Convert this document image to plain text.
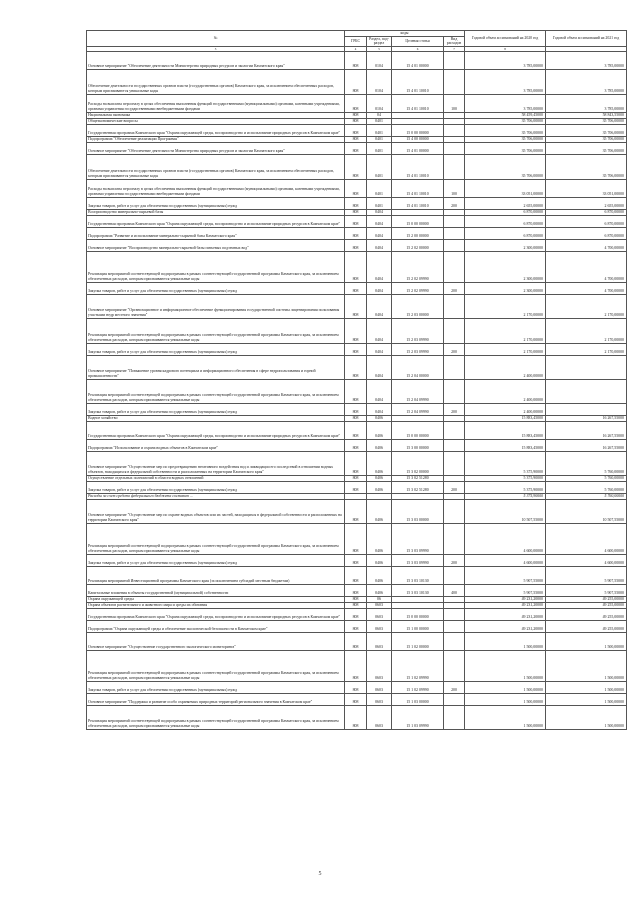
№	коды				Годовой объем ассигнований на 2020 год	Годовой объем ассигнований на 2021 год
	ГРБС	Раздел, под- раздел	Целевая статья	Вид расходов		
3	4	5	6	7	8	
Основное мероприятие "Обеспечение деятельности Министерства природных ресурсов и экологии Камчатского края"	808	0104	15 4 01 00000		3 785,00000	3 785,00000
Обеспечение деятельности государственных органов власти (государственных органов) Камчатского края, за исключением обеспеченных расходов, которым присваиваются уникальные коды	808	0104	15 4 01 10010		3 785,00000	3 785,00000
Расходы на выплаты персоналу в целях обеспечения выполнения функций государственными (муниципальными) органами, казенными учреждениями, органами управления государственными внебюджетными фондами	808	0104	15 4 01 10010	100	3 785,00000	3 785,00000
Национальная экономика	808	04			58 459,45000	58 843,55000
Общеэкономические вопросы	808	0401			35 706,00000	35 706,00000
Государственная программа Камчатского края "Охрана окружающей среды, воспроизводство и использование природных ресурсов в Камчатском крае"	808	0401	15 0 00 00000		35 706,00000	35 706,00000
Подпрограмма "Обеспечение реализации Программы"	808	0401	15 4 00 00000		35 706,00000	35 706,00000
Основное мероприятие "Обеспечение деятельности Министерства природных ресурсов и экологии Камчатского края"	808	0401	15 4 01 00000		35 706,00000	35 706,00000
Обеспечение деятельности государственных органов власти (государственных органов) Камчатского края, за исключением обеспеченных расходов, которым присваиваются уникальные коды	808	0401	15 4 01 10010		35 706,00000	35 706,00000
Расходы на выплаты персоналу в целях обеспечения выполнения функций государственными (муниципальными) органами, казенными учреждениями, органами управления государственными внебюджетными фондами	808	0401	15 4 01 10010	100	33 051,00000	33 051,00000
Закупка товаров, работ и услуг для обеспечения государственных (муниципальных) нужд	808	0401	15 4 01 10010	200	2 655,00000	2 655,00000
Воспроизводство минерально-сырьевой базы	808	0404			6 870,00000	6 870,00000
Государственная программа Камчатского края "Охрана окружающей среды, воспроизводство и использование природных ресурсов в Камчатском крае"	808	0404	15 0 00 00000		6 870,00000	6 870,00000
Подпрограмма "Развитие и использование минерально-сырьевой базы Камчатского края"	808	0404	15 2 00 00000		6 870,00000	6 870,00000
Основное мероприятие "Воспроизводство минерально-сырьевой базы питьевых подземных вод"	808	0404	15 2 02 00000		2 300,00000	4 700,00000
Реализация мероприятий соответствующей подпрограммы в рамках соответствующей государственной программы Камчатского края, за исключением обеспеченных расходов, которым присваиваются уникальные коды	808	0404	15 2 02 09990		2 300,00000	4 700,00000
Закупка товаров, работ и услуг для обеспечения государственных (муниципальных) нужд	808	0404	15 2 02 09990	200	2 300,00000	4 700,00000
Основное мероприятие "Организационное и информационное обеспечение функционирования государственной системы лицензирования пользования участками недр местного значения"	808	0404	15 2 03 00000		2 170,00000	2 170,00000
Реализация мероприятий соответствующей подпрограммы в рамках соответствующей государственной программы Камчатского края, за исключением обеспеченных расходов, которым присваиваются уникальные коды	808	0404	15 2 03 09990		2 170,00000	2 170,00000
Закупка товаров, работ и услуг для обеспечения государственных (муниципальных) нужд	808	0404	15 2 03 09990	200	2 170,00000	2 170,00000
Основное мероприятие "Повышение уровня кадрового потенциала и информационного обеспечения в сфере недропользования и горной промышленности"	808	0404	15 2 04 00000		2 400,00000	
Реализация мероприятий соответствующей подпрограммы в рамках соответствующей государственной программы Камчатского края, за исключением обеспеченных расходов, которым присваиваются уникальные коды	808	0404	15 2 04 09990		2 400,00000	
Закупка товаров, работ и услуг для обеспечения государственных (муниципальных) нужд	808	0404	15 2 04 09990	200	2 400,00000	
Водное хозяйство	808	0406			15 883,45000	16 267,55000
Государственная программа Камчатского края "Охрана окружающей среды, воспроизводство и использование природных ресурсов в Камчатском крае"	808	0406	15 0 00 00000		15 883,45000	16 267,55000
Подпрограмма "Использование и охрана водных объектов в Камчатском крае"	808	0406	15 3 00 00000		15 883,45000	16 267,55000
Основное мероприятие "Осуществление мер по предотвращению негативного воздействия вод и ликвидации его последствий в отношении водных объектов, находящихся в федеральной собственности и расположенных на территории Камчатского края"	808	0406	15 3 02 00000		5 375,90000	5 760,00000
Осуществление отдельных полномочий в области водных отношений	808	0406	15 3 02 51280		5 375,90000	5 760,00000
Закупка товаров, работ и услуг для обеспечения государственных (муниципальных) нужд	808	0406	15 3 02 51280	200	5 375,90000	5 760,00000
Расходы за счет средств федерального бюджета составит ...					5 375,90000	5 760,00000
Основное мероприятие "Осуществление мер по охране водных объектов или их частей, находящихся в федеральной собственности и расположенных на территории Камчатского края"	808	0406	15 3 03 00000		10 507,55000	10 507,55000
Реализация мероприятий соответствующей подпрограммы в рамках соответствующей государственной программы Камчатского края, за исключением обеспеченных расходов, которым присваиваются уникальные коды	808	0406	15 3 03 09990		4 600,00000	4 600,00000
Закупка товаров, работ и услуг для обеспечения государственных (муниципальных) нужд	808	0406	15 3 03 09990	200	4 600,00000	4 600,00000
Реализация мероприятий Инвестиционной программы Камчатского края (за исключением субсидий местным бюджетам)	808	0406	15 3 03 10130		5 907,55000	5 907,55000
Капитальные вложения в объекты государственной (муниципальной) собственности	808	0406	15 3 03 10130	400	5 907,55000	5 907,55000
Охрана окружающей среды	808	06			49 231,20000	49 255,00000
Охрана объектов растительного и животного мира и среды их обитания	808	0603			49 231,20000	49 255,00000
Государственная программа Камчатского края "Охрана окружающей среды, воспроизводство и использование природных ресурсов в Камчатском крае"	808	0603	15 0 00 00000		49 231,20000	49 255,00000
Подпрограмма "Охрана окружающей среды и обеспечение экологической безопасности в Камчатском крае"	808	0603	15 1 00 00000		49 231,20000	49 255,00000
Основное мероприятие "Осуществление государственного экологического мониторинга"	808	0603	15 1 02 00000		1 500,00000	1 500,00000
Реализация мероприятий соответствующей подпрограммы в рамках соответствующей государственной программы Камчатского края, за исключением обеспеченных расходов, которым присваиваются уникальные коды	808	0603	15 1 02 09990		1 500,00000	1 500,00000
Закупка товаров, работ и услуг для обеспечения государственных (муниципальных) нужд	808	0603	15 1 02 09990	200	1 500,00000	1 500,00000
Основное мероприятие "Поддержка и развитие особо охраняемых природных территорий регионального значения в Камчатском крае"	808	0603	15 1 03 00000		1 500,00000	1 500,00000
Реализация мероприятий соответствующей подпрограммы в рамках соответствующей государственной программы Камчатского края, за исключением обеспеченных расходов, которым присваиваются уникальные коды	808	0603	15 1 03 09990		1 500,00000	1 500,00000
5
